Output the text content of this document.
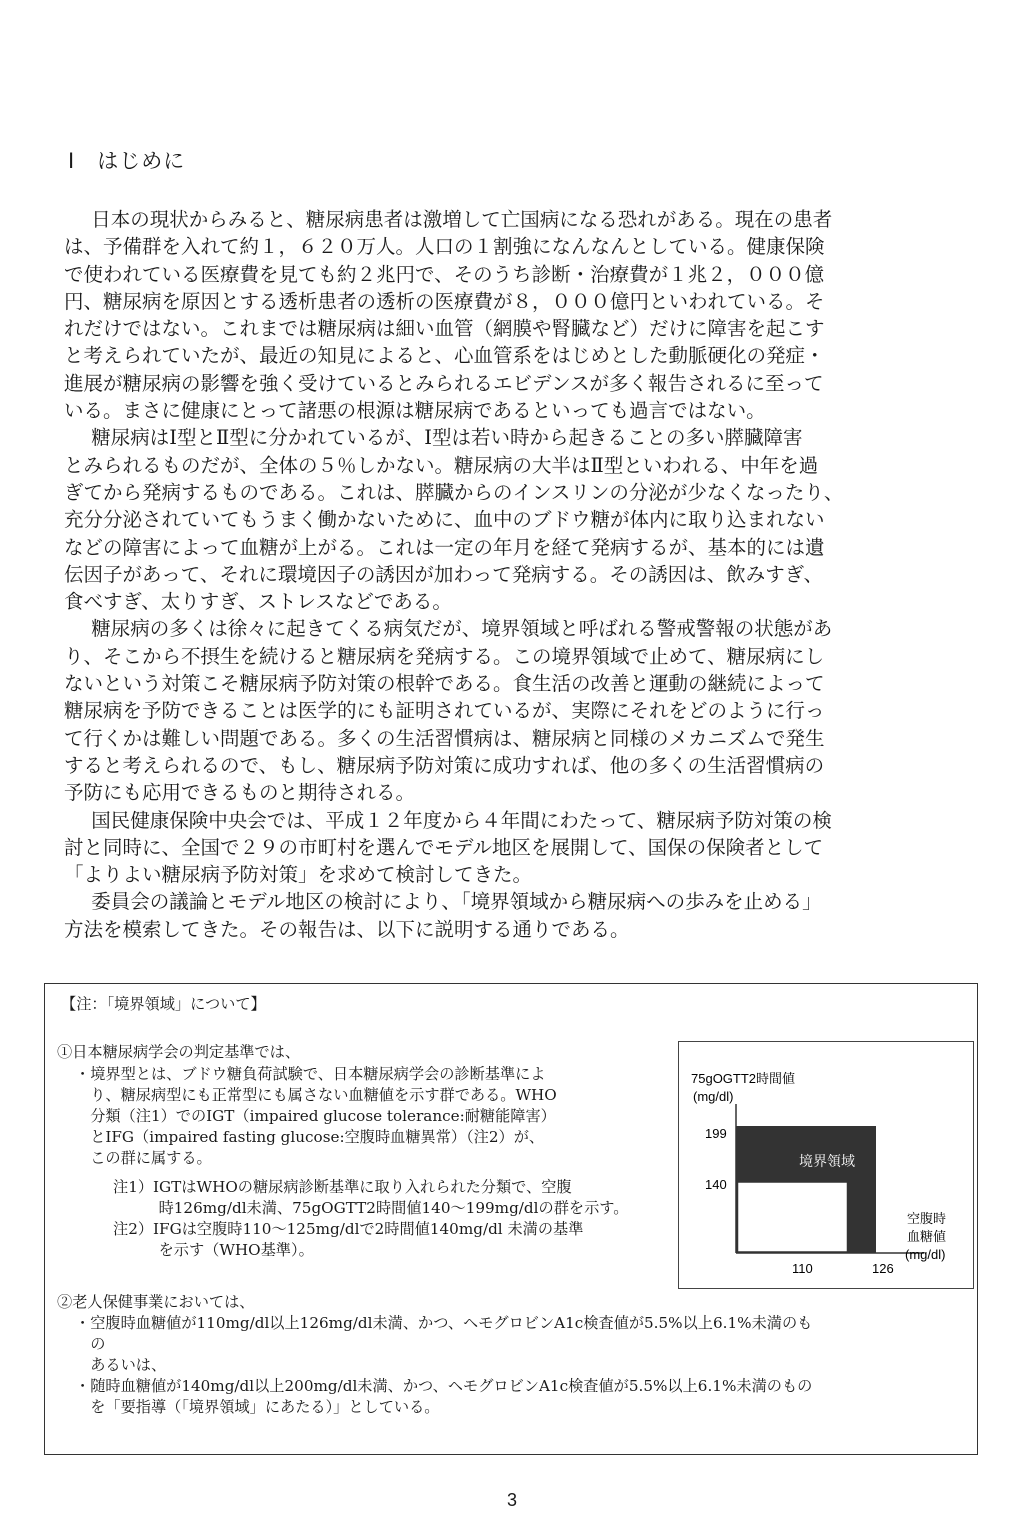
Ⅰ　はじめに

日本の現状からみると、糖尿病患者は激増して亡国病になる恐れがある。現在の患者
は、予備群を入れて約１，６２０万人。人口の１割強になんなんとしている。健康保険
で使われている医療費を見ても約２兆円で、そのうち診断・治療費が１兆２，０００億
円、糖尿病を原因とする透析患者の透析の医療費が８，０００億円といわれている。そ
れだけではない。これまでは糖尿病は細い血管（網膜や腎臓など）だけに障害を起こす
と考えられていたが、最近の知見によると、心血管系をはじめとした動脈硬化の発症・
進展が糖尿病の影響を強く受けているとみられるエビデンスが多く報告されるに至って
いる。まさに健康にとって諸悪の根源は糖尿病であるといっても過言ではない。

糖尿病はⅠ型とⅡ型に分かれているが、Ⅰ型は若い時から起きることの多い膵臓障害
とみられるものだが、全体の５％しかない。糖尿病の大半はⅡ型といわれる、中年を過
ぎてから発病するものである。これは、膵臓からのインスリンの分泌が少なくなったり、
充分分泌されていてもうまく働かないために、血中のブドウ糖が体内に取り込まれない
などの障害によって血糖が上がる。これは一定の年月を経て発病するが、基本的には遺
伝因子があって、それに環境因子の誘因が加わって発病する。その誘因は、飲みすぎ、
食べすぎ、太りすぎ、ストレスなどである。

糖尿病の多くは徐々に起きてくる病気だが、境界領域と呼ばれる警戒警報の状態があ
り、そこから不摂生を続けると糖尿病を発病する。この境界領域で止めて、糖尿病にし
ないという対策こそ糖尿病予防対策の根幹である。食生活の改善と運動の継続によって
糖尿病を予防できることは医学的にも証明されているが、実際にそれをどのように行っ
て行くかは難しい問題である。多くの生活習慣病は、糖尿病と同様のメカニズムで発生
すると考えられるので、もし、糖尿病予防対策に成功すれば、他の多くの生活習慣病の
予防にも応用できるものと期待される。

国民健康保険中央会では、平成１２年度から４年間にわたって、糖尿病予防対策の検
討と同時に、全国で２９の市町村を選んでモデル地区を展開して、国保の保険者として
「よりよい糖尿病予防対策」を求めて検討してきた。

委員会の議論とモデル地区の検討により、「境界領域から糖尿病への歩みを止める」
方法を模索してきた。その報告は、以下に説明する通りである。

【注：「境界領域」について】
①日本糖尿病学会の判定基準では、
・境界型とは、ブドウ糖負荷試験で、日本糖尿病学会の診断基準によ
　り、糖尿病型にも正常型にも属さない血糖値を示す群である。WHO
　分類（注1）でのIGT（impaired glucose tolerance:耐糖能障害）
　とIFG（impaired fasting glucose:空腹時血糖異常）（注2）が、
　この群に属する。
注1）IGTはWHOの糖尿病診断基準に取り入れられた分類で、空腹
　　　時126mg/dl未満、75gOGTT2時間値140～199mg/dlの群を示す。
注2）IFGは空腹時110～125mg/dlで2時間値140mg/dl 未満の基準
　　　を示す（WHO基準）。
②老人保健事業においては、
・空腹時血糖値が110mg/dl以上126mg/dl未満、かつ、ヘモグロビンA1c検査値が5.5%以上6.1%未満のも
　の
　あるいは、
・随時血糖値が140mg/dl以上200mg/dl未満、かつ、ヘモグロビンA1c検査値が5.5%以上6.1%未満のもの
　を「要指導（「境界領域」にあたる）」としている。
75gOGTT2時間値
(mg/dl)
199
140
境界領域
110	126
空腹時
血糖値
(mg/dl)
3
